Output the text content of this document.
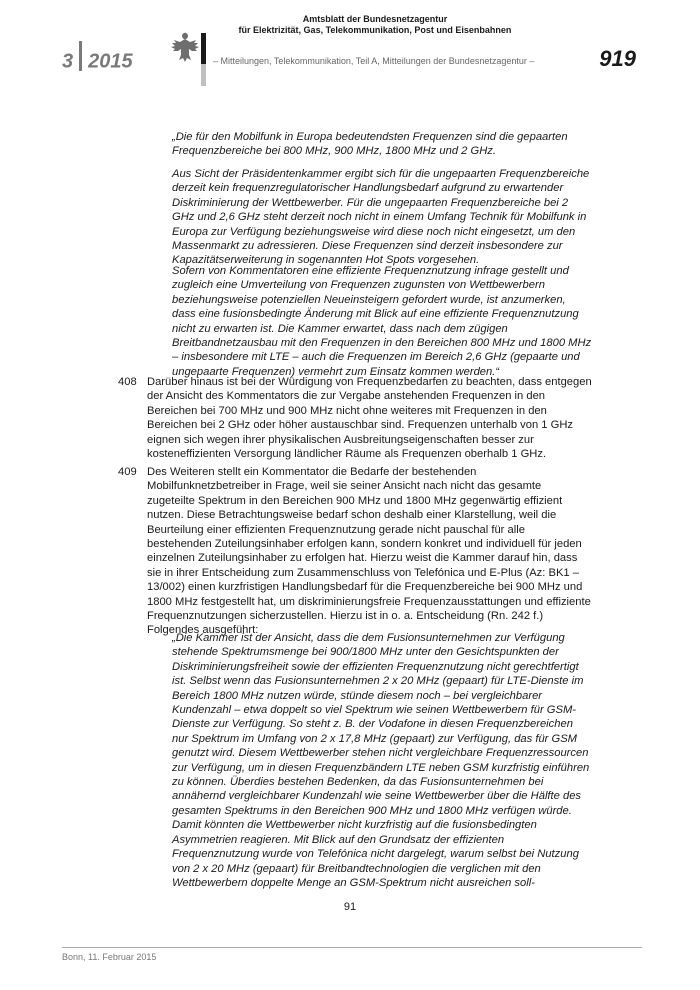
3 2015
Amtsblatt der Bundesnetzagentur
für Elektrizität, Gas, Telekommunikation, Post und Eisenbahnen
– Mitteilungen, Telekommunikation, Teil A, Mitteilungen der Bundesnetzagentur –	919
„Die für den Mobilfunk in Europa bedeutendsten Frequenzen sind die gepaarten Frequenzbereiche bei 800 MHz, 900 MHz, 1800 MHz und 2 GHz.
Aus Sicht der Präsidentenkammer ergibt sich für die ungepaarten Frequenzbereiche derzeit kein frequenzregulatorischer Handlungsbedarf aufgrund zu erwartender Diskriminierung der Wettbewerber. Für die ungepaarten Frequenzbereiche bei 2 GHz und 2,6 GHz steht derzeit noch nicht in einem Umfang Technik für Mobilfunk in Europa zur Verfügung beziehungsweise wird diese noch nicht eingesetzt, um den Massenmarkt zu adressieren. Diese Frequenzen sind derzeit insbesondere zur Kapazitätserweiterung in sogenannten Hot Spots vorgesehen.
Sofern von Kommentatoren eine effiziente Frequenznutzung infrage gestellt und zugleich eine Umverteilung von Frequenzen zugunsten von Wettbewerbern beziehungsweise potenziellen Neueinsteigern gefordert wurde, ist anzumerken, dass eine fusionsbedingte Änderung mit Blick auf eine effiziente Frequenznutzung nicht zu erwarten ist. Die Kammer erwartet, dass nach dem zügigen Breitbandnetzausbau mit den Frequenzen in den Bereichen 800 MHz und 1800 MHz – insbesondere mit LTE – auch die Frequenzen im Bereich 2,6 GHz (gepaarte und ungepaarte Frequenzen) vermehrt zum Einsatz kommen werden.“
408 Darüber hinaus ist bei der Würdigung von Frequenzbedarfen zu beachten, dass entgegen der Ansicht des Kommentators die zur Vergabe anstehenden Frequenzen in den Bereichen bei 700 MHz und 900 MHz nicht ohne weiteres mit Frequenzen in den Bereichen bei 2 GHz oder höher austauschbar sind. Frequenzen unterhalb von 1 GHz eignen sich wegen ihrer physikalischen Ausbreitungseigenschaften besser zur kosteneffizienten Versorgung ländlicher Räume als Frequenzen oberhalb 1 GHz.
409 Des Weiteren stellt ein Kommentator die Bedarfe der bestehenden Mobilfunknetzbetreiber in Frage, weil sie seiner Ansicht nach nicht das gesamte zugeteilte Spektrum in den Bereichen 900 MHz und 1800 MHz gegenwärtig effizient nutzen. Diese Betrachtungsweise bedarf schon deshalb einer Klarstellung, weil die Beurteilung einer effizienten Frequenznutzung gerade nicht pauschal für alle bestehenden Zuteilungsinhaber erfolgen kann, sondern konkret und individuell für jeden einzelnen Zuteilungsinhaber zu erfolgen hat. Hierzu weist die Kammer darauf hin, dass sie in ihrer Entscheidung zum Zusammenschluss von Telefónica und E-Plus (Az: BK1 – 13/002) einen kurzfristigen Handlungsbedarf für die Frequenzbereiche bei 900 MHz und 1800 MHz festgestellt hat, um diskriminierungsfreie Frequenzausstattungen und effiziente Frequenznutzungen sicherzustellen. Hierzu ist in o. a. Entscheidung (Rn. 242 f.) Folgendes ausgeführt:
„Die Kammer ist der Ansicht, dass die dem Fusionsunternehmen zur Verfügung stehende Spektrumsmenge bei 900/1800 MHz unter den Gesichtspunkten der Diskriminierungsfreiheit sowie der effizienten Frequenznutzung nicht gerechtfertigt ist. Selbst wenn das Fusionsunternehmen 2 x 20 MHz (gepaart) für LTE-Dienste im Bereich 1800 MHz nutzen würde, stünde diesem noch – bei vergleichbarer Kundenzahl – etwa doppelt so viel Spektrum wie seinen Wettbewerbern für GSM-Dienste zur Verfügung. So steht z. B. der Vodafone in diesen Frequenzbereichen nur Spektrum im Umfang von 2 x 17,8 MHz (gepaart) zur Verfügung, das für GSM genutzt wird. Diesem Wettbewerber stehen nicht vergleichbare Frequenzressourcen zur Verfügung, um in diesen Frequenzbändern LTE neben GSM kurzfristig einführen zu können. Überdies bestehen Bedenken, da das Fusionsunternehmen bei annähernd vergleichbarer Kundenzahl wie seine Wettbewerber über die Hälfte des gesamten Spektrums in den Bereichen 900 MHz und 1800 MHz verfügen würde. Damit könnten die Wettbewerber nicht kurzfristig auf die fusionsbedingten Asymmetrien reagieren. Mit Blick auf den Grundsatz der effizienten Frequenznutzung wurde von Telefónica nicht dargelegt, warum selbst bei Nutzung von 2 x 20 MHz (gepaart) für Breitbandtechnologien die verglichen mit den Wettbewerbern doppelte Menge an GSM-Spektrum nicht ausreichen soll-
91
Bonn, 11. Februar 2015
